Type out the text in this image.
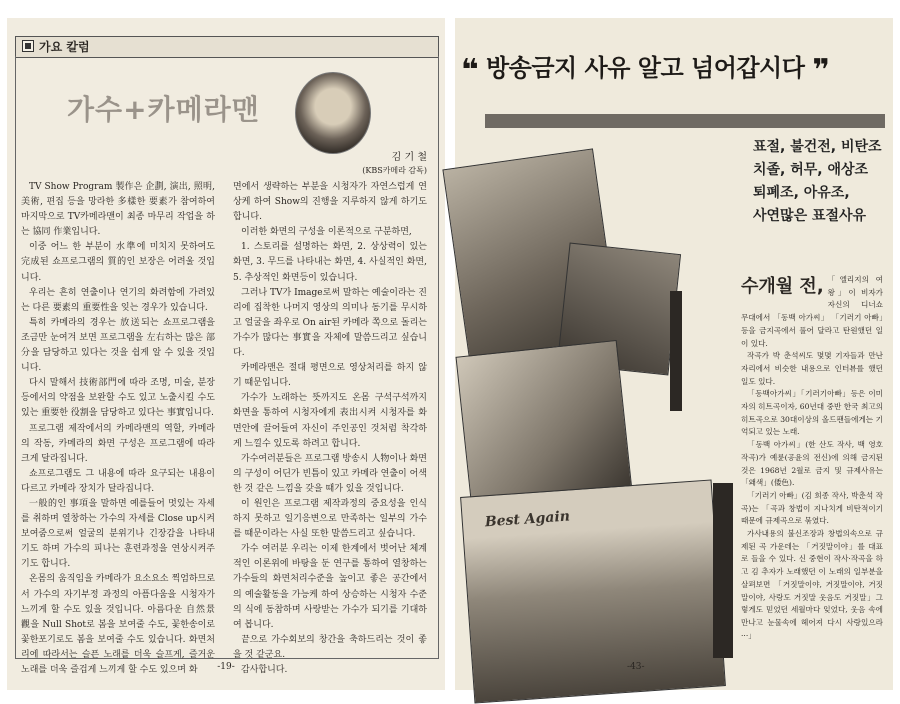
가요 칼럼
가수+카메라맨
김 기 철
(KBS카메라 감독)

TV Show Program 製作은 企劃, 演出, 照明, 美術, 편집 등을 망라한 多樣한 要素가 참여하여 마지막으로 TV카메라맨이 최종 마무리 작업을 하는 協同 作業입니다.

이중 어느 한 부분이 水準에 미치지 못하여도 完成된 쇼프로그램의 質的인 보장은 어려울 것입니다.

우리는 흔히 연출이나 연기의 화려함에 가려있는 다른 要素의 重要性을 잊는 경우가 있습니다.

특히 카메라의 경우는 放送되는 쇼프로그램을 조금만 눈여겨 보면 프로그램을 左右하는 많은 部分을 담당하고 있다는 것을 쉽게 알 수 있을 것입니다.

다시 말해서 技術部門에 따라 조명, 미술, 분장 등에서의 약점을 보완할 수도 있고 노출시킬 수도 있는 重要한 役割을 담당하고 있다는 事實입니다.

프로그램 제작에서의 카메라맨의 역할, 카메라의 작동, 카메라의 화면 구성은 프로그램에 따라 크게 달라집니다.

쇼프로그램도 그 내용에 따라 요구되는 내용이 다르고 카메라 장치가 달라집니다.

一般的인 事項을 말하면 예를들어 멋있는 자세를 취하며 열창하는 가수의 자세를 Close up시켜 보여줌으로써 얼굴의 분위기나 긴장감을 나타내기도 하며 가수의 피나는 훈련과정을 연상시켜주기도 합니다.

온몸의 움직임을 카메라가 요소요소 찍엄하므로서 가수의 자기부정 과정의 아픔다움을 시청자가 느끼게 할 수도 있을 것입니다. 아름다운 自然景觀을 Null Shot로 봄을 보여줄 수도, 꽃한송이로 꽃한포기로도 봄을 보여줄 수도 있습니다. 화면처리에 따라서는 슬픈 노래를 더욱 슬프게, 즐거운 노래를 더욱 즐겁게 느끼게 할 수도 있으며 화

면에서 생략하는 부분을 시청자가 자연스럽게 연상케 하여 Show의 진행을 지루하지 않게 하기도 합니다.

이러한 화면의 구성을 이론적으로 구분하면,

1. 스토리를 설명하는 화면, 2. 상상력이 있는 화면, 3. 무드를 나타내는 화면, 4. 사실적인 화면, 5. 추상적인 화면등이 있습니다.

그러나 TV가 Image로써 말하는 예술이라는 진리에 집착한 나머지 영상의 의미나 동기를 무시하고 얼굴을 좌우로 On air된 카메라 쪽으로 돌리는 가수가 많다는 事實을 자체에 말씀드리고 싶습니다.

카메라맨은 절대 평면으로 영상처리를 하지 않기 때문입니다.

가수가 노래하는 뜻까지도 온몸 구석구석까지 화면을 통하여 시청자에게 表出시켜 시청자를 화면안에 끌어들여 자신이 주인공인 것처럼 착각하게 느낄수 있도록 하려고 합니다.

가수여러분들은 프로그램 방송시 人物이나 화면의 구성이 어딘가 빈틈이 있고 카메라 연출이 어색한 것 같은 느낌을 갖을 때가 있을 것입니다.

이 원인은 프로그램 제작과정의 중요성을 인식하지 못하고 일기응변으로 만족하는 일부의 가수를 때문이라는 사실 또한 말씀드리고 싶습니다.

가수 여러분 우리는 이제 한계에서 벗어난 체계적인 이론위에 바탕을 둔 연구를 통하여 열창하는 가수들의 화면처리수준을 높이고 좋은 공간에서의 예술활동을 가능케 하여 상승하는 시청자 수준의 식에 동참하며 사랑받는 가수가 되기를 기대하여 봅니다.

끝으로 가수회보의 창간을 축하드리는 것이 좋을 것 같군요.

감사합니다.

-19-
❝ 방송금지 사유 알고 넘어갑시다 ❞
표절, 불건전, 비탄조
치졸, 허무, 애상조
퇴폐조, 아유조,
사연많은 표절사유
Best Again
수개월 전, 「엘리지의 여왕」이 비자가 자신의 디너쇼 무대에서 「동백 아가씨」 「기러기 아빠」등을 금지곡에서 풀어 달라고 탄원했던 일이 있다.

작곡가 박 춘석씨도 몇몇 기자들과 만난 자리에서 비슷한 내용으로 인터뷰를 했던 일도 있다.

「동백아가씨」「기러기아빠」등은 이미자의 히트곡이자, 60년대 중반 한국 최고의 히트곡으로 30대이상의 올드팬들에게는 기억되고 있는 노래.

「동백 아가씨」(한 산도 작사, 백 영호 작곡)가 예륜(공윤의 전신)에 의해 금지된 것은 1968년 2월로 금지 및 규제사유는 「왜색」(倭色).

「기러기 아빠」(김 희종 작사, 박춘석 작곡)는 「곡과 창법이 지나치게 비탄적이기 때문에 규제곡으로 묶였다.

가사내용의 불신조장과 창법의속으로 규제된 곡 가운데는 「거짓말이야」를 대표로 들을 수 있다. 신 중현이 작사·작곡을 하고 김 추자가 노래했던 이 노래의 일부분을 살펴보면 「거짓말이야, 거짓말이야, 거짓말이야, 사랑도 거짓말 웃음도 거짓말」그렇게도 믿었던 세월마다 잊었다, 웃음 속에 만나고 눈물속에 헤어져 다시 사랑있으라···」

-43-
